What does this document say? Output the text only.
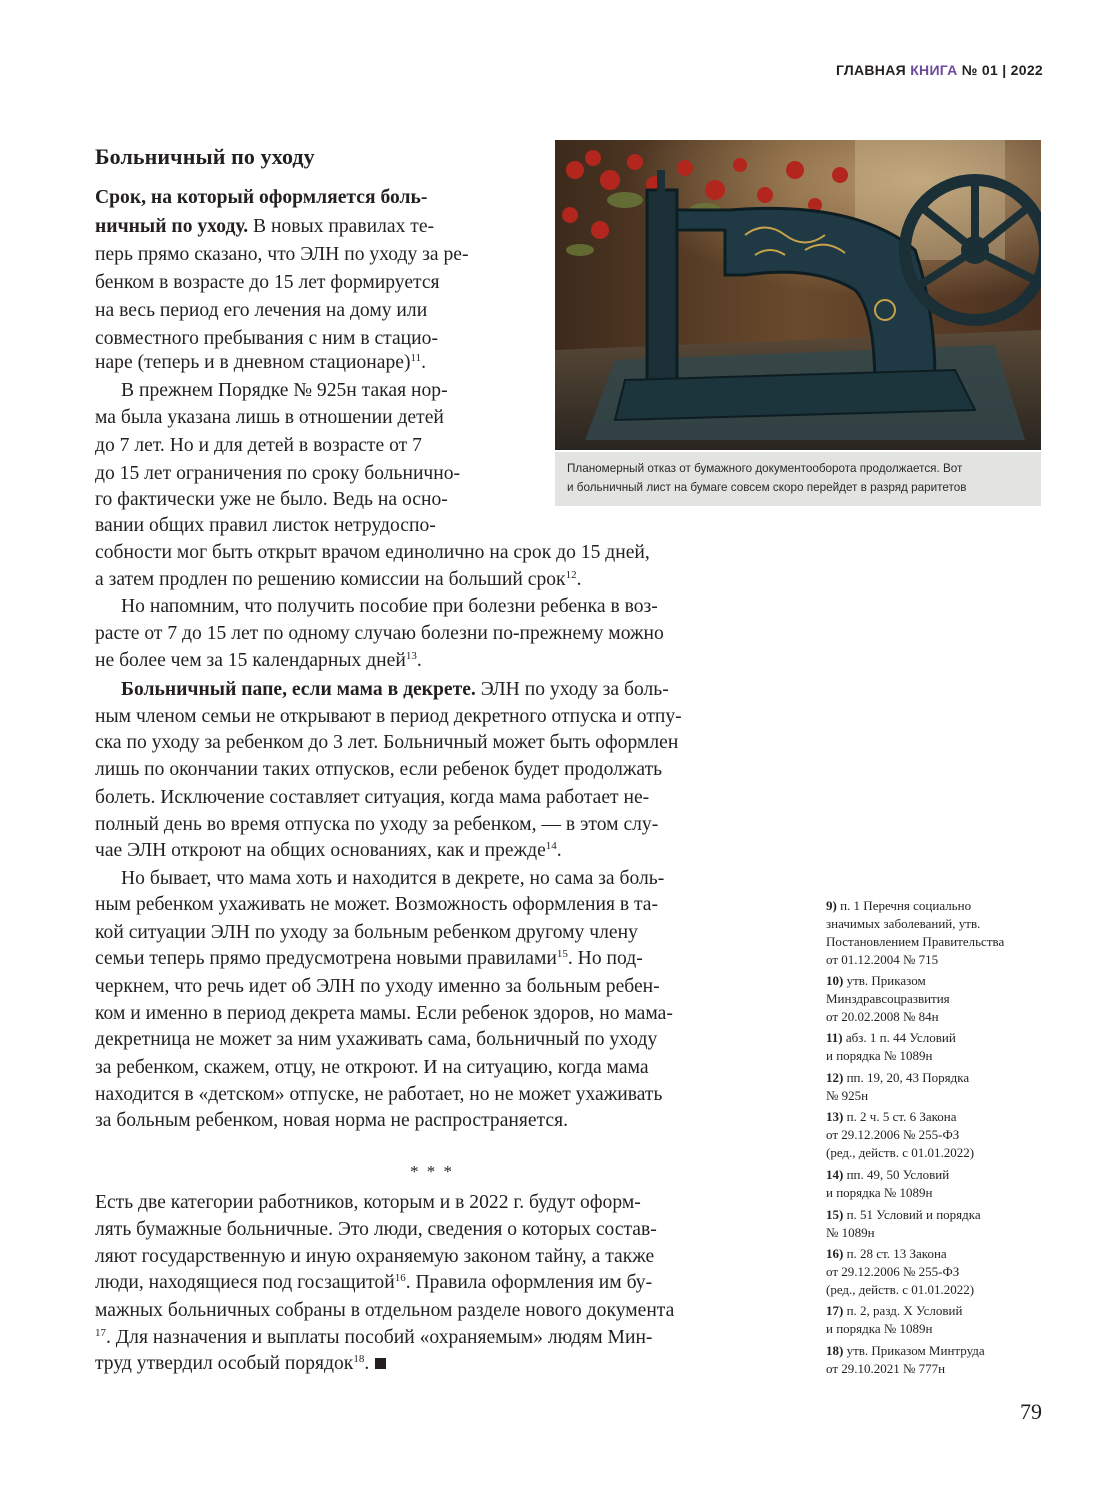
ГЛАВНАЯ КНИГА № 01 | 2022
Больничный по уходу
Планомерный отказ от бумажного документооборота продолжается. Вот
и больничный лист на бумаге совсем скоро перейдет в разряд раритетов
Срок, на который оформляется боль-
ничный по уходу. В новых правилах те-
перь прямо сказано, что ЭЛН по уходу за ре-
бенком в возрасте до 15 лет формируется
на весь период его лечения на дому или
совместного пребывания с ним в стацио-
наре (теперь и в дневном стационаре)$^{11}$.
В прежнем Порядке № 925н такая нор-
ма была указана лишь в отношении детей
до 7 лет. Но и для детей в возрасте от 7
до 15 лет ограничения по сроку больнично-
го фактически уже не было. Ведь на осно-
вании общих правил листок нетрудоспо-
собности мог быть открыт врачом единолично на срок до 15 дней,
а затем продлен по решению комиссии на больший срок$^{12}$.
Но напомним, что получить пособие при болезни ребенка в воз-
расте от 7 до 15 лет по одному случаю болезни по-прежнему можно
не более чем за 15 календарных дней$^{13}$.
Больничный папе, если мама в декрете. ЭЛН по уходу за боль-
ным членом семьи не открывают в период декретного отпуска и отпу-
ска по уходу за ребенком до 3 лет. Больничный может быть оформлен
лишь по окончании таких отпусков, если ребенок будет продолжать
болеть. Исключение составляет ситуация, когда мама работает не-
полный день во время отпуска по уходу за ребенком, — в этом слу-
чае ЭЛН откроют на общих основаниях, как и прежде$^{14}$.
Но бывает, что мама хоть и находится в декрете, но сама за боль-
ным ребенком ухаживать не может. Возможность оформления в та-
кой ситуации ЭЛН по уходу за больным ребенком другому члену
семьи теперь прямо предусмотрена новыми правилами$^{15}$. Но под-
черкнем, что речь идет об ЭЛН по уходу именно за больным ребен-
ком и именно в период декрета мамы. Если ребенок здоров, но мама-
декретница не может за ним ухаживать сама, больничный по уходу
за ребенком, скажем, отцу, не откроют. И на ситуацию, когда мама
находится в «детском» отпуске, не работает, но не может ухаживать
за больным ребенком, новая норма не распространяется.
* * *
Есть две категории работников, которым и в 2022 г. будут оформ-
лять бумажные больничные. Это люди, сведения о которых состав-
ляют государственную и иную охраняемую законом тайну, а также
люди, находящиеся под госзащитой$^{16}$. Правила оформления им бу-
мажных больничных собраны в отдельном разделе нового документа
$^{17}$. Для назначения и выплаты пособий «охраняемым» людям Мин-
труд утвердил особый порядок$^{18}$.
9) п. 1 Перечня социально
значимых заболеваний, утв.
Постановлением Правительства
от 01.12.2004 № 715
10) утв. Приказом
Минздравсоцразвития
от 20.02.2008 № 84н
11) абз. 1 п. 44 Условий
и порядка № 1089н
12) пп. 19, 20, 43 Порядка
№ 925н
13) п. 2 ч. 5 ст. 6 Закона
от 29.12.2006 № 255-ФЗ
(ред., действ. с 01.01.2022)
14) пп. 49, 50 Условий
и порядка № 1089н
15) п. 51 Условий и порядка
№ 1089н
16) п. 28 ст. 13 Закона
от 29.12.2006 № 255-ФЗ
(ред., действ. с 01.01.2022)
17) п. 2, разд. X Условий
и порядка № 1089н
18) утв. Приказом Минтруда
от 29.10.2021 № 777н
79
